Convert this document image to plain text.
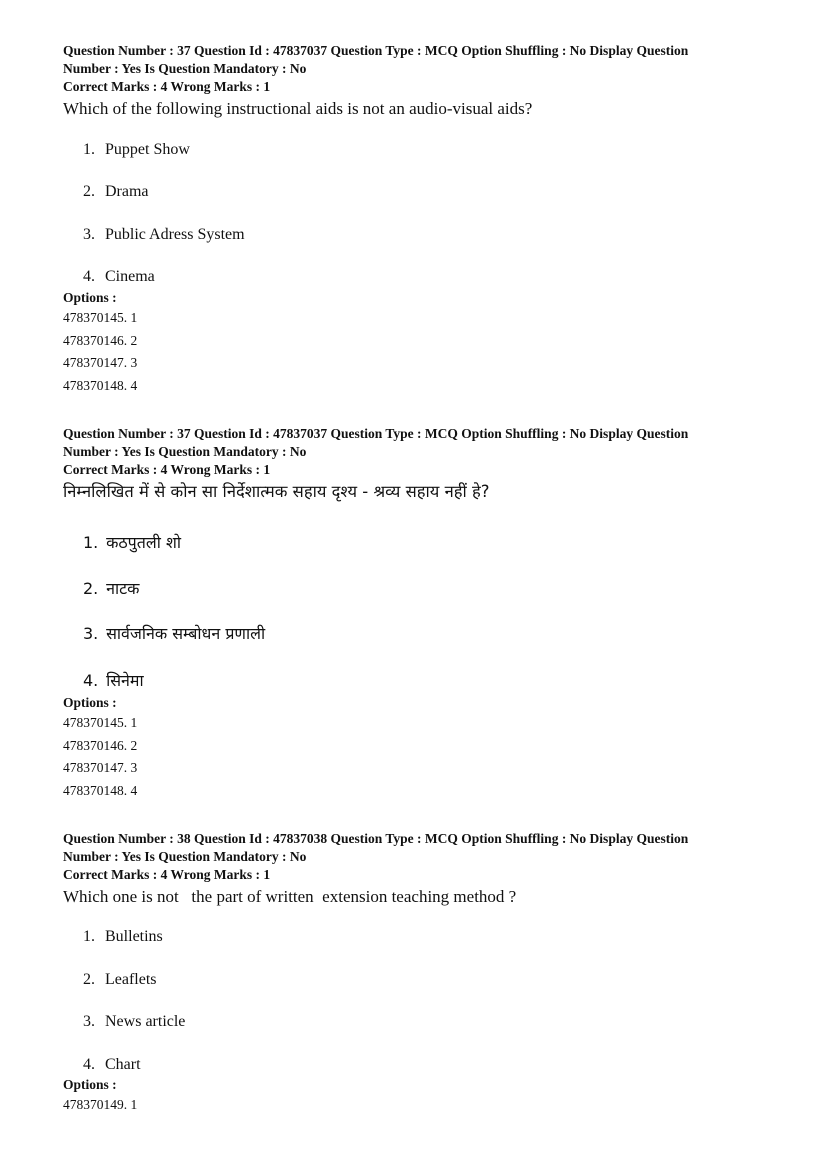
Question Number : 37 Question Id : 47837037 Question Type : MCQ Option Shuffling : No Display Question

Number : Yes Is Question Mandatory : No

Correct Marks : 4 Wrong Marks : 1

Which of the following instructional aids is not an audio-visual aids?
1. Puppet Show
2. Drama
3. Public Adress System
4. Cinema
Options :
478370145. 1
478370146. 2
478370147. 3
478370148. 4

Question Number : 37 Question Id : 47837037 Question Type : MCQ Option Shuffling : No Display Question

Number : Yes Is Question Mandatory : No

Correct Marks : 4 Wrong Marks : 1

निम्नलिखित में से कोन सा निर्देशात्मक सहाय दृश्य - श्रव्य सहाय नहीं हे?
1. कठपुतली शो
2. नाटक
3. सार्वजनिक सम्बोधन प्रणाली
4. सिनेमा
Options :
478370145. 1
478370146. 2
478370147. 3
478370148. 4

Question Number : 38 Question Id : 47837038 Question Type : MCQ Option Shuffling : No Display Question

Number : Yes Is Question Mandatory : No

Correct Marks : 4 Wrong Marks : 1

Which one is not   the part of written  extension teaching method ?
1. Bulletins
2. Leaflets
3. News article
4. Chart
Options :
478370149. 1
